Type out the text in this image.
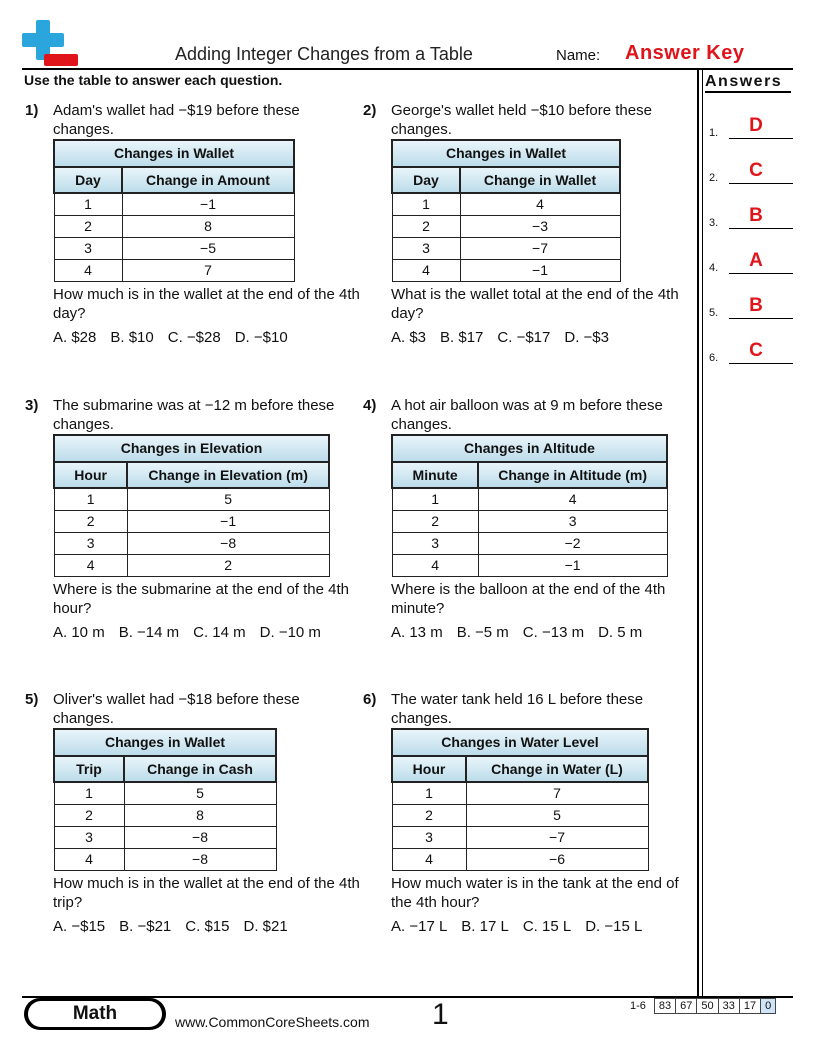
Adding Integer Changes from a Table	Name: Answer Key
Use the table to answer each question.	Answers
1.	D
2.	C
3.	B
4.	A
5.	B
6.	C
1) Adam's wallet had −$19 before these changes.
Changes in Wallet	
Day	Change in Amount
1	−1
2	8
3	−5
4	7
How much is in the wallet at the end of the 4th day?
A. $28 B. $10 C. −$28 D. −$10
2) George's wallet held −$10 before these changes.
Changes in Wallet	
Day	Change in Wallet
1	4
2	−3
3	−7
4	−1
What is the wallet total at the end of the 4th day?
A. $3 B. $17 C. −$17 D. −$3
3) The submarine was at −12 m before these changes.
Changes in Elevation	
Hour	Change in Elevation (m)
1	5
2	−1
3	−8
4	2
Where is the submarine at the end of the 4th hour?
A. 10 m B. −14 m C. 14 m D. −10 m
4) A hot air balloon was at 9 m before these changes.
Changes in Altitude	
Minute	Change in Altitude (m)
1	4
2	3
3	−2
4	−1
Where is the balloon at the end of the 4th minute?
A. 13 m B. −5 m C. −13 m D. 5 m
5) Oliver's wallet had −$18 before these changes.
Changes in Wallet	
Trip	Change in Cash
1	5
2	8
3	−8
4	−8
How much is in the wallet at the end of the 4th trip?
A. −$15 B. −$21 C. $15 D. $21
6) The water tank held 16 L before these changes.
Changes in Water Level	
Hour	Change in Water (L)
1	7
2	5
3	−7
4	−6
How much water is in the tank at the end of the 4th hour?
A. −17 L B. 17 L C. 15 L D. −15 L
Math	www.CommonCoreSheets.com 1	1-6	83	67	50	33	17	0
